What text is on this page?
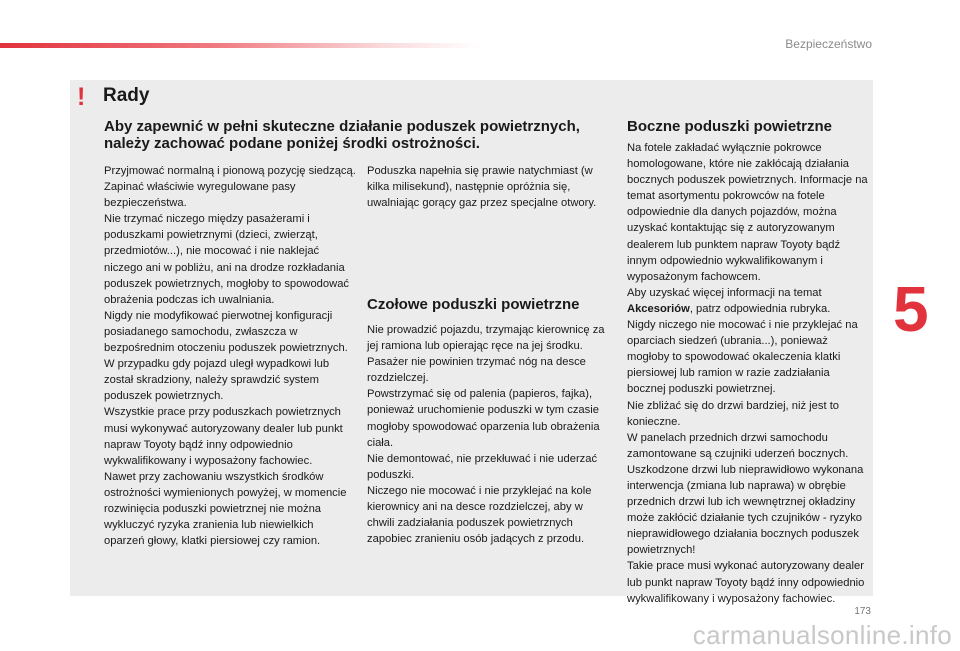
Bezpieczeństwo
! Rady
Aby zapewnić w pełni skuteczne działanie poduszek powietrznych, należy zachować podane poniżej środki ostrożności.

Przyjmować normalną i pionową pozycję siedzącą.

Zapinać właściwie wyregulowane pasy bezpieczeństwa.

Nie trzymać niczego między pasażerami i poduszkami powietrznymi (dzieci, zwierząt, przedmiotów...), nie mocować i nie naklejać niczego ani w pobliżu, ani na drodze rozkładania poduszek powietrznych, mogłoby to spowodować obrażenia podczas ich uwalniania.

Nigdy nie modyfikować pierwotnej konfiguracji posiadanego samochodu, zwłaszcza w bezpośrednim otoczeniu poduszek powietrznych.

W przypadku gdy pojazd uległ wypadkowi lub został skradziony, należy sprawdzić system poduszek powietrznych.

Wszystkie prace przy poduszkach powietrznych musi wykonywać autoryzowany dealer lub punkt napraw Toyoty bądź inny odpowiednio wykwalifikowany i wyposażony fachowiec.

Nawet przy zachowaniu wszystkich środków ostrożności wymienionych powyżej, w momencie rozwinięcia poduszki powietrznej nie można wykluczyć ryzyka zranienia lub niewielkich oparzeń głowy, klatki piersiowej czy ramion.

Poduszka napełnia się prawie natychmiast (w kilka milisekund), następnie opróżnia się, uwalniając gorący gaz przez specjalne otwory.

Czołowe poduszki powietrzne

Nie prowadzić pojazdu, trzymając kierownicę za jej ramiona lub opierając ręce na jej środku.

Pasażer nie powinien trzymać nóg na desce rozdzielczej.

Powstrzymać się od palenia (papieros, fajka), ponieważ uruchomienie poduszki w tym czasie mogłoby spowodować oparzenia lub obrażenia ciała.

Nie demontować, nie przekłuwać i nie uderzać poduszki.

Niczego nie mocować i nie przyklejać na kole kierownicy ani na desce rozdzielczej, aby w chwili zadziałania poduszek powietrznych zapobiec zranieniu osób jadących z przodu.

Boczne poduszki powietrzne

Na fotele zakładać wyłącznie pokrowce homologowane, które nie zakłócają działania bocznych poduszek powietrznych. Informacje na temat asortymentu pokrowców na fotele odpowiednie dla danych pojazdów, można uzyskać kontaktując się z autoryzowanym dealerem lub punktem napraw Toyoty bądź innym odpowiednio wykwalifikowanym i wyposażonym fachowcem.

Aby uzyskać więcej informacji na temat Akcesoriów, patrz odpowiednia rubryka.

Nigdy niczego nie mocować i nie przyklejać na oparciach siedzeń (ubrania...), ponieważ mogłoby to spowodować okaleczenia klatki piersiowej lub ramion w razie zadziałania bocznej poduszki powietrznej.

Nie zbliżać się do drzwi bardziej, niż jest to konieczne.

W panelach przednich drzwi samochodu zamontowane są czujniki uderzeń bocznych. Uszkodzone drzwi lub nieprawidłowo wykonana interwencja (zmiana lub naprawa) w obrębie przednich drzwi lub ich wewnętrznej okładziny może zakłócić działanie tych czujników - ryzyko nieprawidłowego działania bocznych poduszek powietrznych!

Takie prace musi wykonać autoryzowany dealer lub punkt napraw Toyoty bądź inny odpowiednio wykwalifikowany i wyposażony fachowiec.

5
173
carmanualsonline.info
